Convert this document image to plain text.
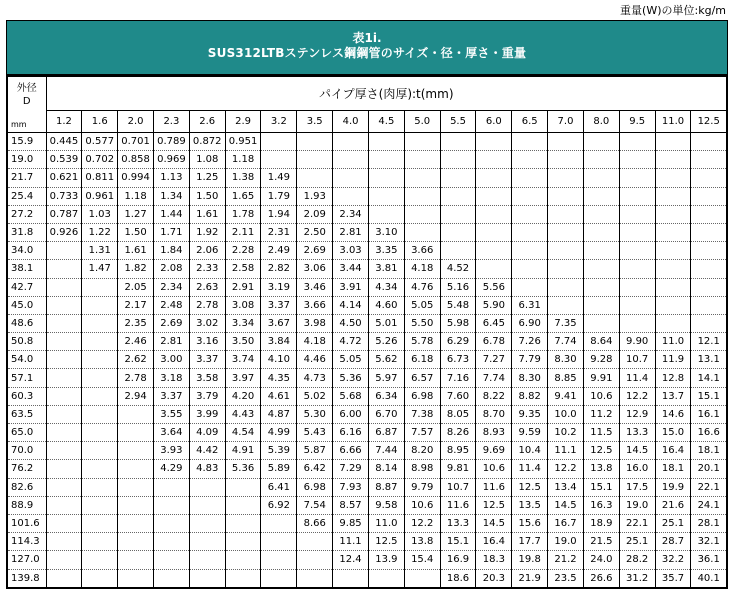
重量(W)の単位:kg/m
表1i.
SUS312LTBステンレス鋼鋼管のサイズ・径・厚さ・重量
外径
D
mm	パイプ厚さ(肉厚):t(mm)																		
	1.2	1.6	2.0	2.3	2.6	2.9	3.2	3.5	4.0	4.5	5.0	5.5	6.0	6.5	7.0	8.0	9.5	11.0	12.5
15.9	0.445	0.577	0.701	0.789	0.872	0.951													
19.0	0.539	0.702	0.858	0.969	1.08	1.18													
21.7	0.621	0.811	0.994	1.13	1.25	1.38	1.49												
25.4	0.733	0.961	1.18	1.34	1.50	1.65	1.79	1.93											
27.2	0.787	1.03	1.27	1.44	1.61	1.78	1.94	2.09	2.34										
31.8	0.926	1.22	1.50	1.71	1.92	2.11	2.31	2.50	2.81	3.10									
34.0		1.31	1.61	1.84	2.06	2.28	2.49	2.69	3.03	3.35	3.66								
38.1		1.47	1.82	2.08	2.33	2.58	2.82	3.06	3.44	3.81	4.18	4.52							
42.7			2.05	2.34	2.63	2.91	3.19	3.46	3.91	4.34	4.76	5.16	5.56						
45.0			2.17	2.48	2.78	3.08	3.37	3.66	4.14	4.60	5.05	5.48	5.90	6.31					
48.6			2.35	2.69	3.02	3.34	3.67	3.98	4.50	5.01	5.50	5.98	6.45	6.90	7.35				
50.8			2.46	2.81	3.16	3.50	3.84	4.18	4.72	5.26	5.78	6.29	6.78	7.26	7.74	8.64	9.90	11.0	12.1
54.0			2.62	3.00	3.37	3.74	4.10	4.46	5.05	5.62	6.18	6.73	7.27	7.79	8.30	9.28	10.7	11.9	13.1
57.1			2.78	3.18	3.58	3.97	4.35	4.73	5.36	5.97	6.57	7.16	7.74	8.30	8.85	9.91	11.4	12.8	14.1
60.3			2.94	3.37	3.79	4.20	4.61	5.02	5.68	6.34	6.98	7.60	8.22	8.82	9.41	10.6	12.2	13.7	15.1
63.5				3.55	3.99	4.43	4.87	5.30	6.00	6.70	7.38	8.05	8.70	9.35	10.0	11.2	12.9	14.6	16.1
65.0				3.64	4.09	4.54	4.99	5.43	6.16	6.87	7.57	8.26	8.93	9.59	10.2	11.5	13.3	15.0	16.6
70.0				3.93	4.42	4.91	5.39	5.87	6.66	7.44	8.20	8.95	9.69	10.4	11.1	12.5	14.5	16.4	18.1
76.2				4.29	4.83	5.36	5.89	6.42	7.29	8.14	8.98	9.81	10.6	11.4	12.2	13.8	16.0	18.1	20.1
82.6							6.41	6.98	7.93	8.87	9.79	10.7	11.6	12.5	13.4	15.1	17.5	19.9	22.1
88.9							6.92	7.54	8.57	9.58	10.6	11.6	12.5	13.5	14.5	16.3	19.0	21.6	24.1
101.6								8.66	9.85	11.0	12.2	13.3	14.5	15.6	16.7	18.9	22.1	25.1	28.1
114.3									11.1	12.5	13.8	15.1	16.4	17.7	19.0	21.5	25.1	28.7	32.1
127.0									12.4	13.9	15.4	16.9	18.3	19.8	21.2	24.0	28.2	32.2	36.1
139.8												18.6	20.3	21.9	23.5	26.6	31.2	35.7	40.1
